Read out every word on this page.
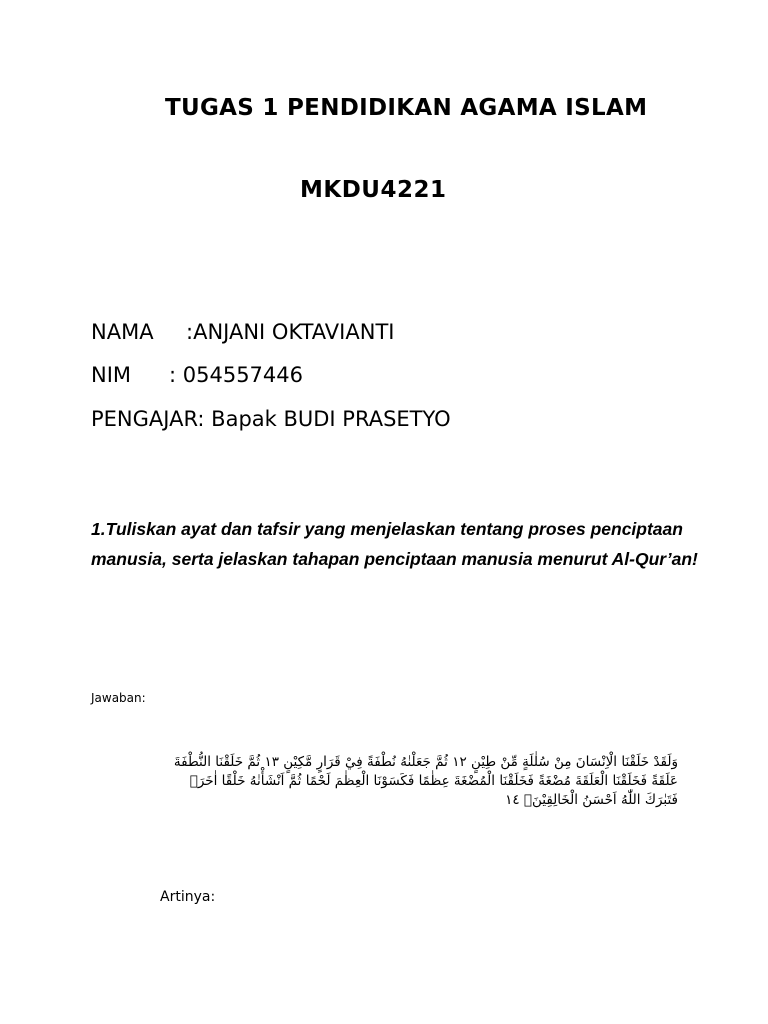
TUGAS 1 PENDIDIKAN AGAMA ISLAM
MKDU4221
NAMA :ANJANI OKTAVIANTI
NIM : 054557446
PENGAJAR: Bapak BUDI PRASETYO
1.Tuliskan ayat dan tafsir yang menjelaskan tentang proses penciptaan manusia, serta jelaskan tahapan penciptaan manusia menurut Al-Qur’an!
Jawaban:
وَلَقَدْ خَلَقْنَا الْاِنْسَانَ مِنْ سُلٰلَةٍ مِّنْ طِيْنٍ ١٢ ثُمَّ جَعَلْنٰهُ نُطْفَةً فِيْ قَرَارٍ مَّكِيْنٍ ١٣ ثُمَّ خَلَقْنَا النُّطْفَةَ عَلَقَةً فَخَلَقْنَا الْعَلَقَةَ مُضْغَةً فَخَلَقْنَا الْمُضْغَةَ عِظٰمًا فَكَسَوْنَا الْعِظٰمَ لَحْمًا ثُمَّ اَنْشَأْنٰهُ خَلْقًا اٰخَرَۗ فَتَبٰرَكَ اللّٰهُ اَحْسَنُ الْخَالِقِيْنَۗ ١٤
Artinya:
